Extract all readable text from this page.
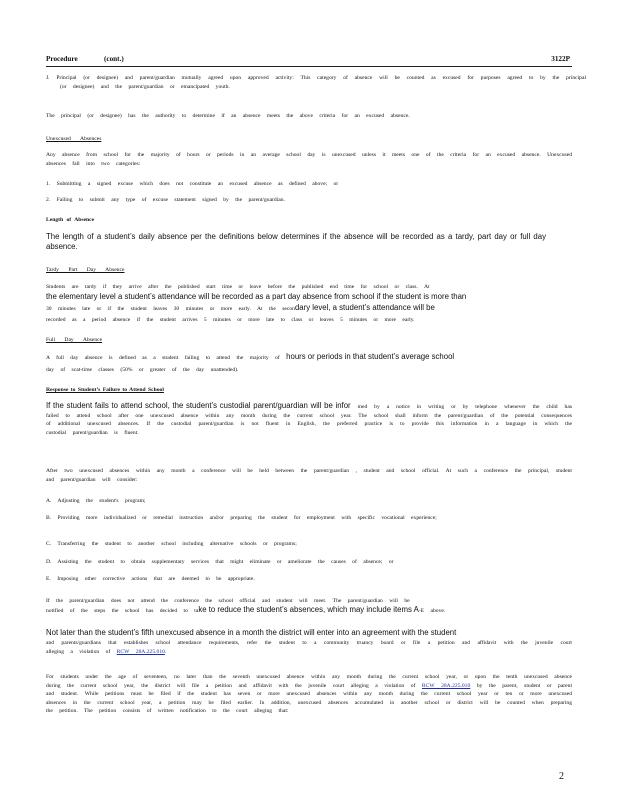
Procedure	(cont.)	3122P

J. Principal (or designee) and parent/guardian mutually agreed upon approved activity: This category of absence will be counted as excused for purposes agreed to by the principal (or designee) and the parent/guardian or emancipated youth.

The principal (or designee) has the authority to determine if an absence meets the above criteria for an excused absence.

Unexcused Absences

Any absence from school for the majority of hours or periods in an average school day is unexcused unless it meets one of the criteria for an excused absence. Unexcused absences fall into two categories:

1. Submitting a signed excuse which does not constitute an excused absence as defined above; or

2. Failing to submit any type of excuse statement signed by the parent/guardian.

Length of Absence

The length of a student’s daily absence per the definitions below determines if the absence will be recorded as a tardy, part day or full day absence.

Tardy Part Day Absence

Students are tardy if they arrive after the published start time or leave before the published end time for school or class. At

the elementary level a student’s attendance will be recorded as a part day absence from school if the student is more than

30 minutes late or if the student leaves 30 minutes or more early. At the secondary level, a student’s attendance will be

recorded as a period absence if the student arrives 5 minutes or more late to class or leaves 5 minutes or more early.

Full Day Absence

A full day absence is defined as a student failing to attend the majority of hours or periods in that student’s average school

day of scat-time classes (50% or greater of the day unattended).

Response to Student’s Failure to Attend School

If the student fails to attend school, the student’s custodial parent/guardian will be infor med by a notice in writing or by telephone whenever the child has failed to attend school after one unexcused absence within any month during the current school year. The school shall inform the parent/guardian of the potential consequences of additional unexcused absences. If the custodial parent/guardian is not fluent in English, the preferred practice is to provide this information in a language in which the custodial parent/guardian is fluent.

After two unexcused absences within any month a conference will be held between the parent/guardian , student and school official. At such a conference the principal, student and parent/guardian will consider:

A. Adjusting the student's program;

B. Providing more individualized or remedial instruction and/or preparing the student for employment with specific vocational experience;

C. Transferring the student to another school including alternative schools or programs;

D. Assisting the student to obtain supplementary services that might eliminate or ameliorate the causes of absence; or

E. Imposing other corrective actions that are deemed to be appropriate.

If the parent/guardian does not attend the conference the school official and student will meet. The parent/guardian will be

notified of the steps the school has decided to take to reduce the student’s absences, which may include items A-E above.

Not later than the student’s fifth unexcused absence in a month the district will enter into an agreement with the student

and parents/guardians that establishes school attendance requirements, refer the student to a community truancy board or file a petition and affidavit with the juvenile court alleging a violation of RCW 28A.225.010.

For students under the age of seventeen, no later than the seventh unexcused absence within any month during the current school year, or upon the tenth unexcused absence during the current school year, the district will file a petition and affidavit with the juvenile court alleging a violation of RCW 28A.225.010 by the parent, student or parent and student. While petitions must be filed if the student has seven or more unexcused absences within any month during the current school year or ten or more unexcused absences in the current school year, a petition may be filed earlier. In addition, unexcused absences accumulated in another school or district will be counted when preparing the petition. The petition consists of written notification to the court alleging that:

2
